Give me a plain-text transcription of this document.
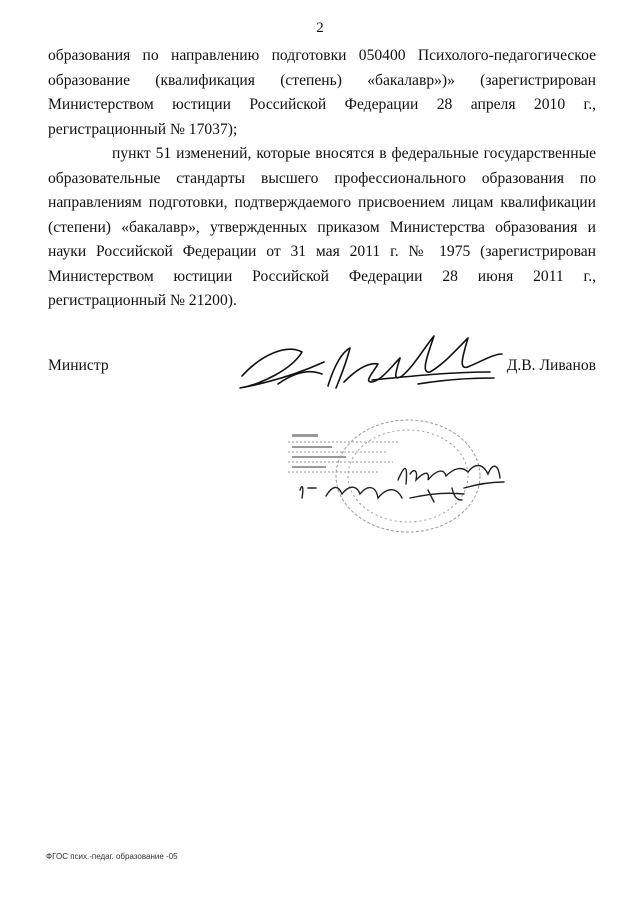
2

образования по направлению подготовки 050400 Психолого-педагогическое образование (квалификация (степень) «бакалавр»)» (зарегистрирован Министерством юстиции Российской Федерации 28 апреля 2010 г., регистрационный № 17037);

пункт 51 изменений, которые вносятся в федеральные государственные образовательные стандарты высшего профессионального образования по направлениям подготовки, подтверждаемого присвоением лицам квалификации (степени) «бакалавр», утвержденных приказом Министерства образования и науки Российской Федерации от 31 мая 2011 г. № 1975 (зарегистрирован Министерством юстиции Российской Федерации 28 июня 2011 г., регистрационный № 21200).

Министр	Д.В. Ливанов
ФГОС псих.-педаг. образование -05
